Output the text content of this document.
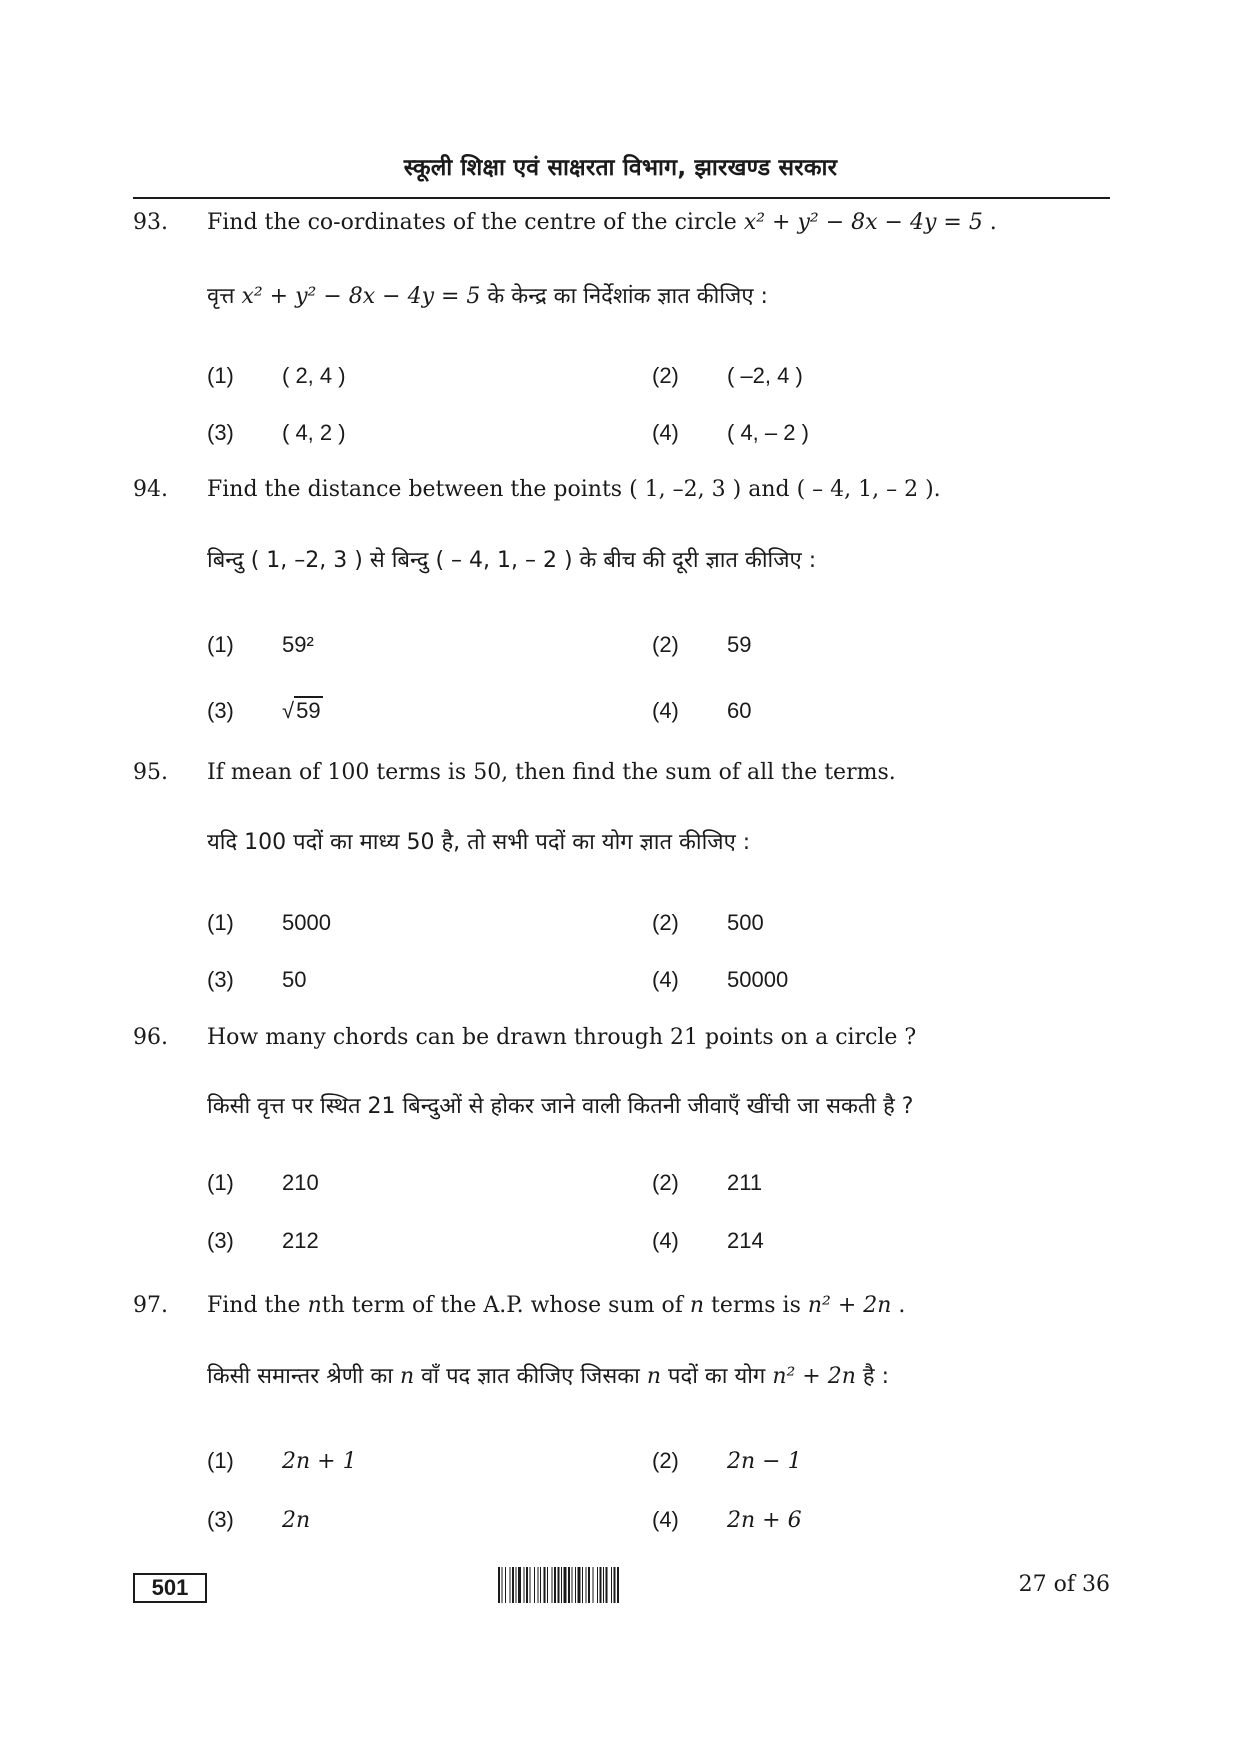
स्कूली शिक्षा एवं साक्षरता विभाग, झारखण्ड सरकार
93. Find the co-ordinates of the centre of the circle x² + y² − 8x − 4y = 5 .
वृत्त x² + y² − 8x − 4y = 5 के केन्द्र का निर्देशांक ज्ञात कीजिए :
(1) ( 2, 4 )	(2) ( –2, 4 )
(3) ( 4, 2 )	(4) ( 4, – 2 )
94. Find the distance between the points ( 1, –2, 3 ) and ( – 4, 1, – 2 ).
बिन्दु ( 1, –2, 3 ) से बिन्दु ( – 4, 1, – 2 ) के बीच की दूरी ज्ञात कीजिए :
(1) 59²	(2) 59
(3) √59	(4) 60
95. If mean of 100 terms is 50, then find the sum of all the terms.
यदि 100 पदों का माध्य 50 है, तो सभी पदों का योग ज्ञात कीजिए :
(1) 5000	(2) 500
(3) 50	(4) 50000
96. How many chords can be drawn through 21 points on a circle ?
किसी वृत्त पर स्थित 21 बिन्दुओं से होकर जाने वाली कितनी जीवाएँ खींची जा सकती है ?
(1) 210	(2) 211
(3) 212	(4) 214
97. Find the nth term of the A.P. whose sum of n terms is n² + 2n .
किसी समान्तर श्रेणी का n वाँ पद ज्ञात कीजिए जिसका n पदों का योग n² + 2n है :
(1) 2n + 1	(2) 2n − 1
(3) 2n	(4) 2n + 6
501	27 of 36
